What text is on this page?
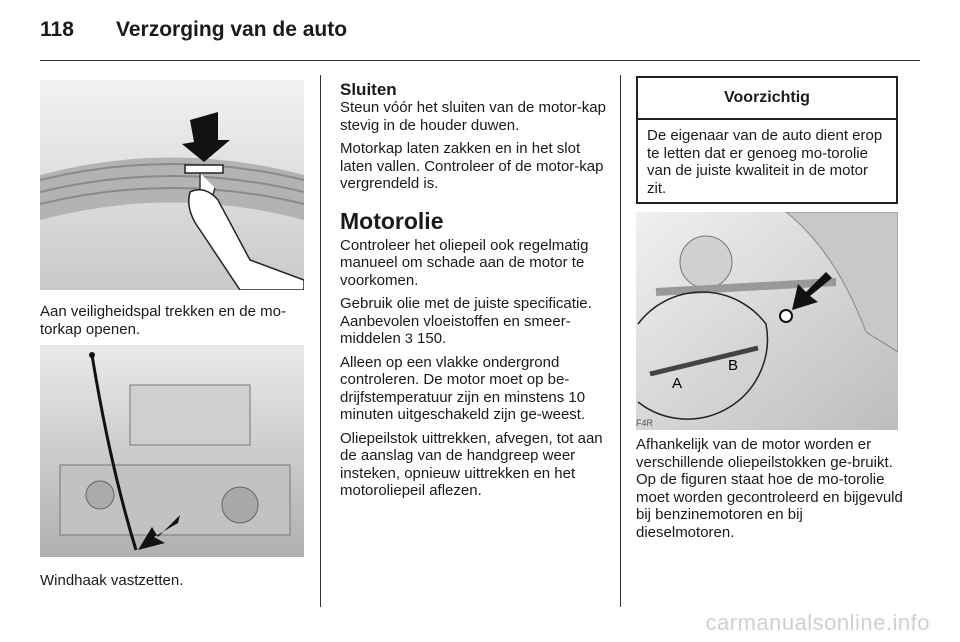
118 Verzorging van de auto
Aan veiligheidspal trekken en de mo-torkap openen.
Windhaak vastzetten.
Sluiten

Steun vóór het sluiten van de motor-kap stevig in de houder duwen.

Motorkap laten zakken en in het slot laten vallen. Controleer of de motor-kap vergrendeld is.

Motorolie

Controleer het oliepeil ook regelmatig manueel om schade aan de motor te voorkomen.

Gebruik olie met de juiste specificatie. Aanbevolen vloeistoffen en smeer-middelen 3 150.

Alleen op een vlakke ondergrond controleren. De motor moet op be-drijfstemperatuur zijn en minstens 10 minuten uitgeschakeld zijn ge-weest.

Oliepeilstok uittrekken, afvegen, tot aan de aanslag van de handgreep weer insteken, opnieuw uittrekken en het motoroliepeil aflezen.

Voorzichtig
De eigenaar van de auto dient erop te letten dat er genoeg mo-torolie van de juiste kwaliteit in de motor zit.
A
B
F4R

Afhankelijk van de motor worden er verschillende oliepeilstokken ge-bruikt. Op de figuren staat hoe de mo-torolie moet worden gecontroleerd en bijgevuld bij benzinemotoren en bij dieselmotoren.

carmanualsonline.info
